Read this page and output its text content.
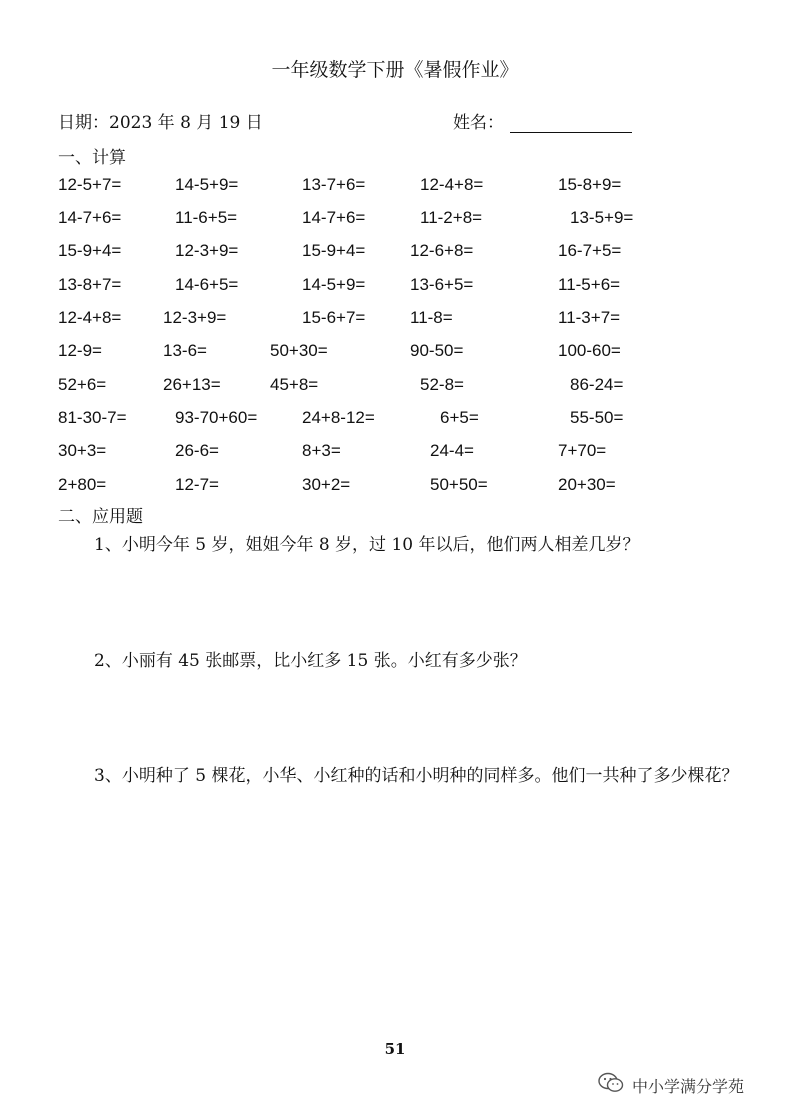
一年级数学下册《暑假作业》
日期：2023 年 8 月 19 日	姓名：
一、计算
12-5+7=	14-5+9=	13-7+6=	12-4+8=	15-8+9=
14-7+6=	11-6+5=	14-7+6=	11-2+8=	13-5+9=
15-9+4=	12-3+9=	15-9+4=	12-6+8=	16-7+5=
13-8+7=	14-6+5=	14-5+9=	13-6+5=	11-5+6=
12-4+8= 12-3+9=	15-6+7=	11-8=	11-3+7=
12-9=	13-6=	50+30=	90-50=	100-60=
52+6=	26+13=	45+8=	52-8=	86-24=
81-30-7=	93-70+60=	24+8-12=	6+5=	55-50=
30+3=	26-6=	8+3=	24-4=	7+70=
2+80=	12-7=	30+2=	50+50=	20+30=
二、应用题
1、小明今年 5 岁，姐姐今年 8 岁，过 10 年以后，他们两人相差几岁？
2、小丽有 45 张邮票，比小红多 15 张。小红有多少张？
3、小明种了 5 棵花，小华、小红种的话和小明种的同样多。他们一共种了多少棵花？
51
中小学满分学苑
